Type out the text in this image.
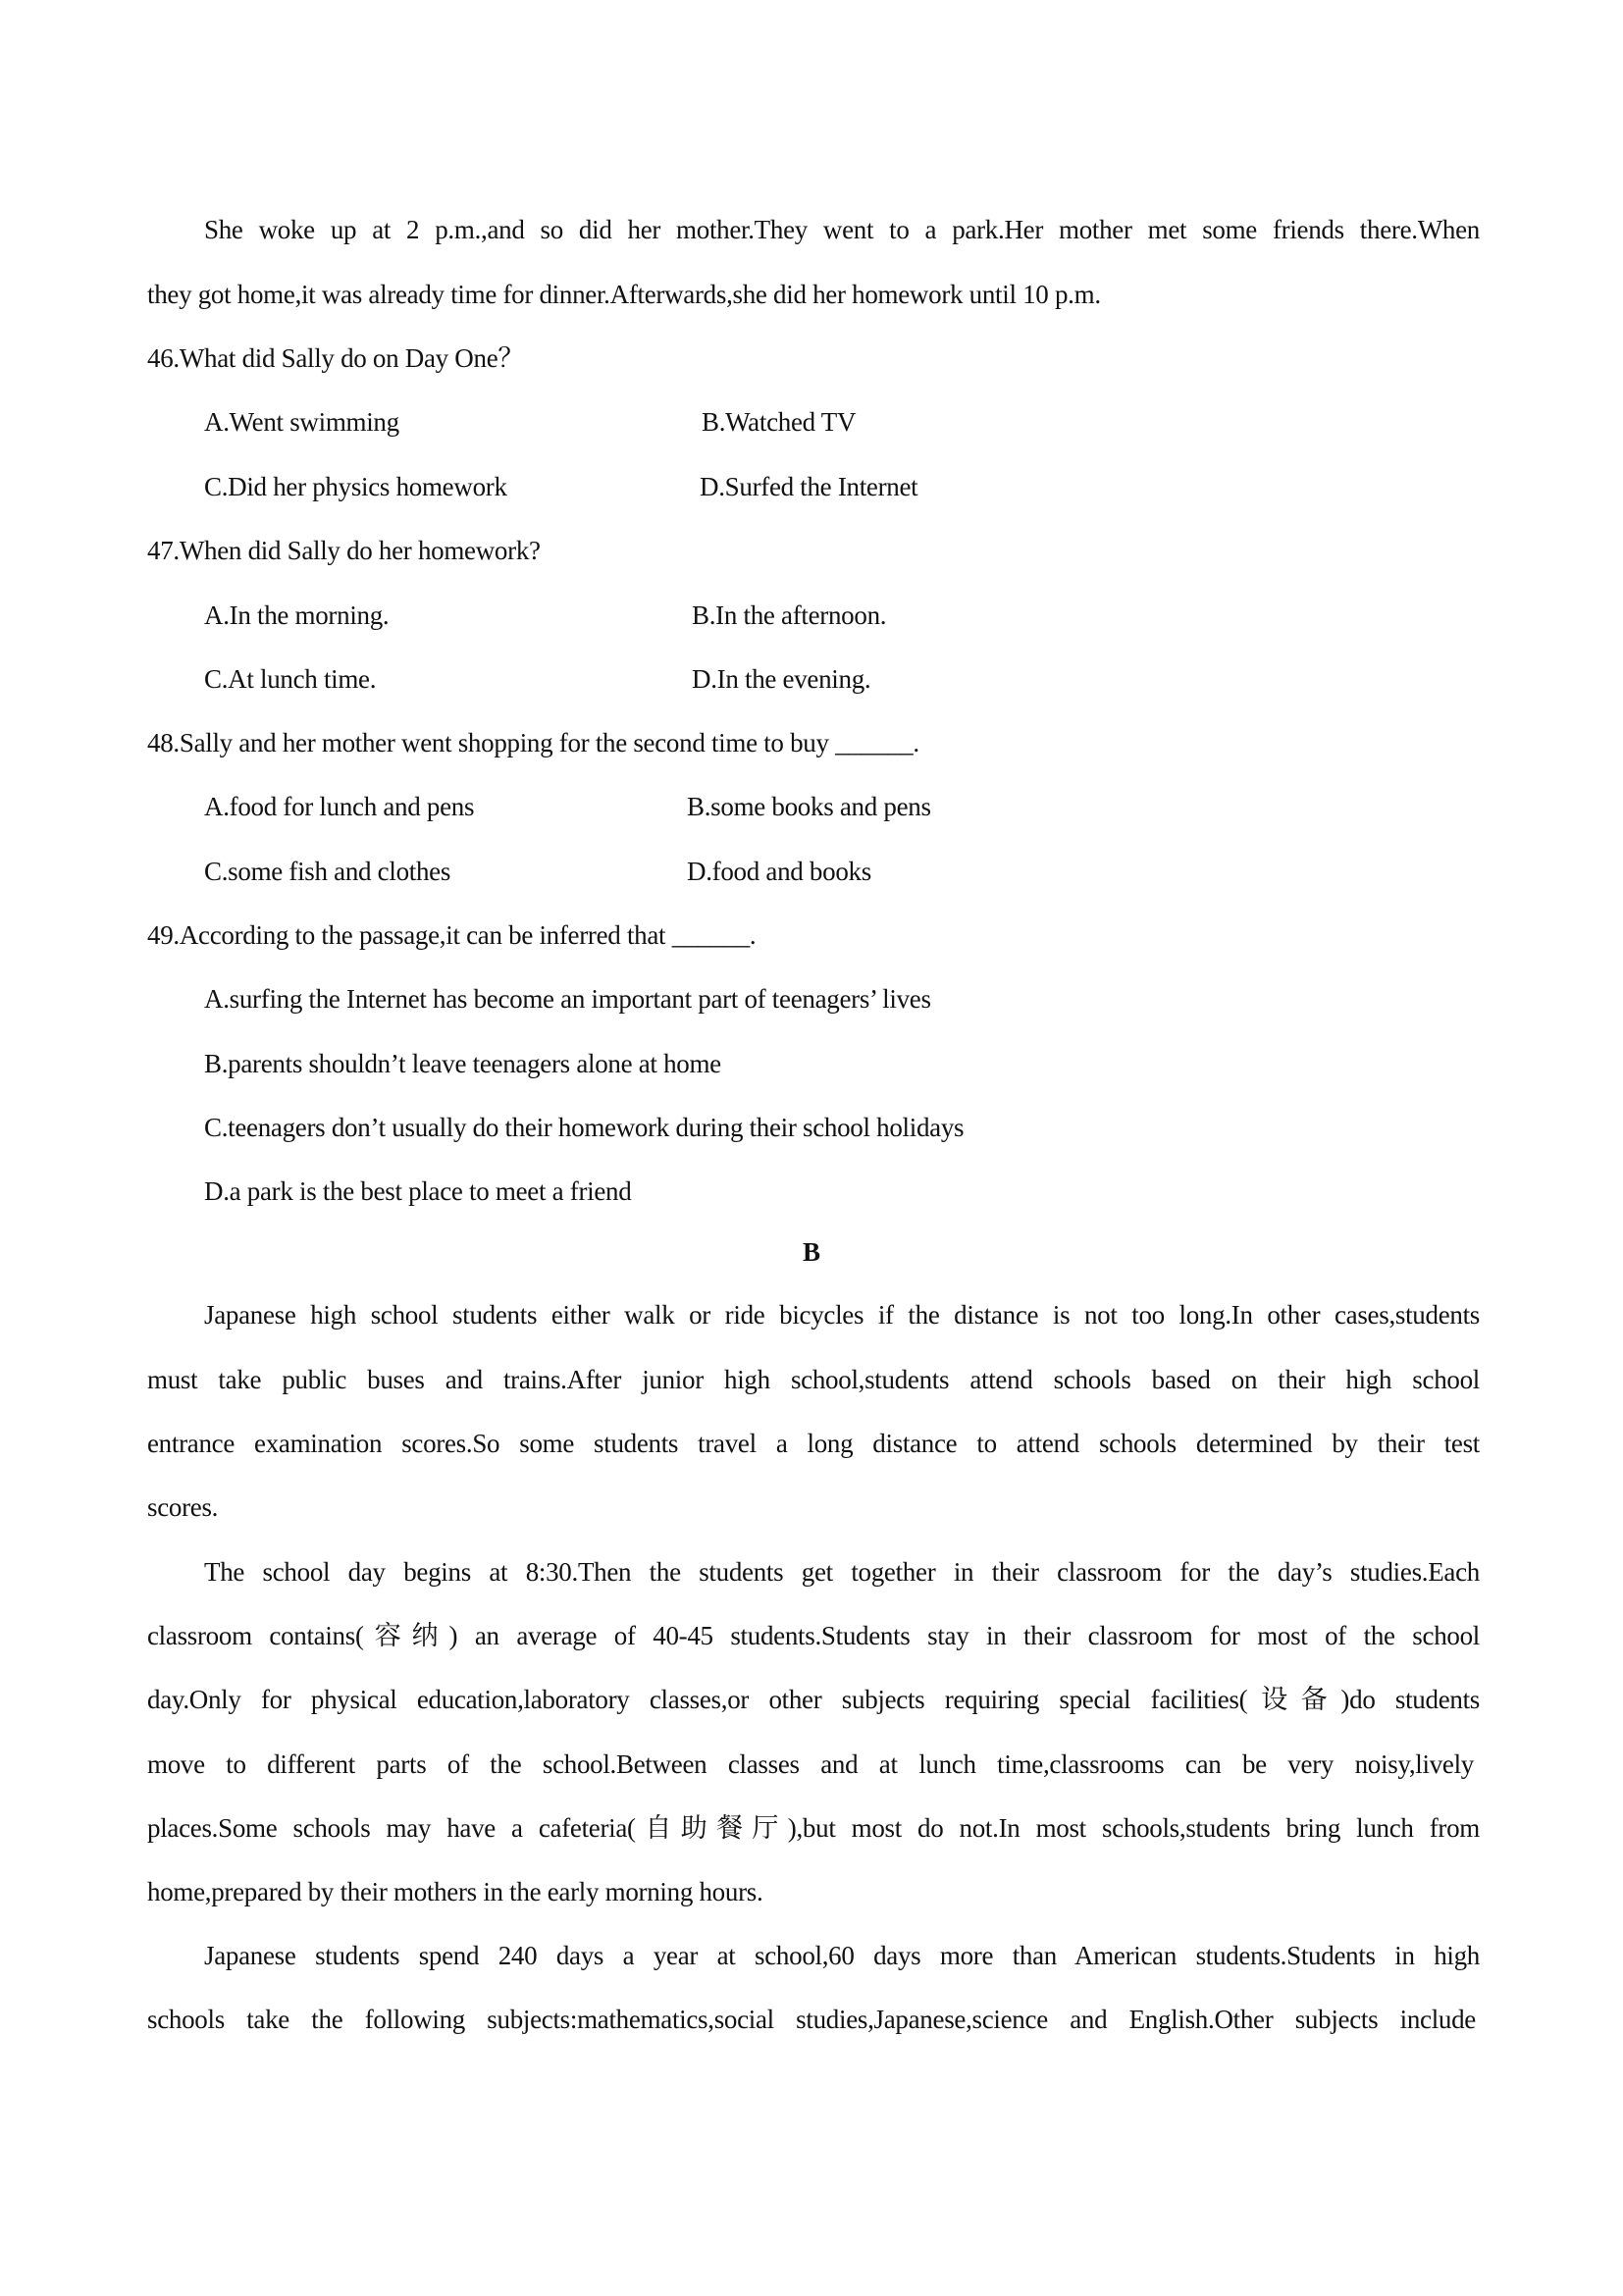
She woke up at 2 p.m.,and so did her mother.They went to a park.Her mother met some friends there.When
they got home,it was already time for dinner.Afterwards,she did her homework until 10 p.m.
46.What did Sally do on Day One？
A.Went swimming	B.Watched TV
C.Did her physics homework	D.Surfed the Internet
47.When did Sally do her homework?
A.In the morning.	B.In the afternoon.
C.At lunch time.	D.In the evening.
48.Sally and her mother went shopping for the second time to buy ______.
A.food for lunch and pens	B.some books and pens
C.some fish and clothes	D.food and books
49.According to the passage,it can be inferred that ______.
A.surfing the Internet has become an important part of teenagers’ lives
B.parents shouldn’t leave teenagers alone at home
C.teenagers don’t usually do their homework during their school holidays
D.a park is the best place to meet a friend
B
Japanese high school students either walk or ride bicycles if the distance is not too long.In other cases,students
must take public buses and trains.After junior high school,students attend schools based on their high school
entrance examination scores.So some students travel a long distance to attend schools determined by their test
scores.
The school day begins at 8:30.Then the students get together in their classroom for the day’s studies.Each
classroom contains(容纳) an average of 40-45 students.Students stay in their classroom for most of the school
day.Only for physical education,laboratory classes,or other subjects requiring special facilities(设备)do students
move to different parts of the school.Between classes and at lunch time,classrooms can be very noisy,lively
places.Some schools may have a cafeteria(自助餐厅),but most do not.In most schools,students bring lunch from
home,prepared by their mothers in the early morning hours.
Japanese students spend 240 days a year at school,60 days more than American students.Students in high
schools take the following subjects:mathematics,social studies,Japanese,science and English.Other subjects include
